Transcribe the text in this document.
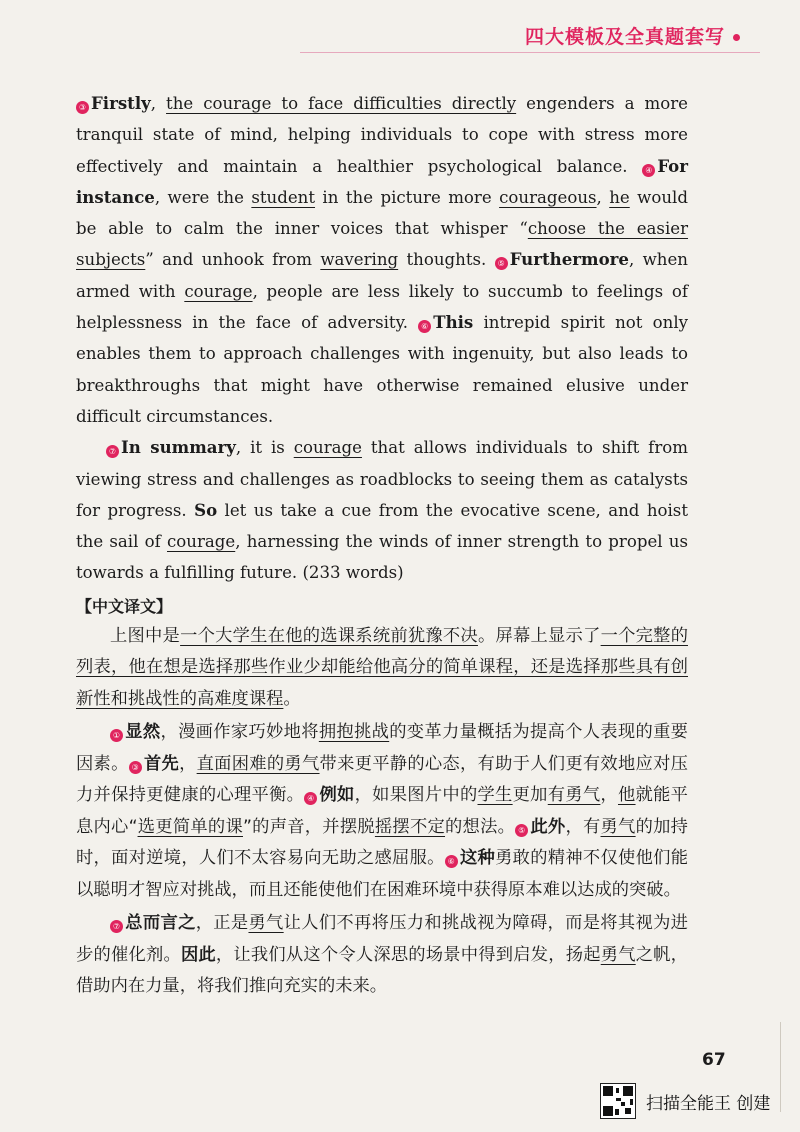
四大模板及全真题套写

③ Firstly, the courage to face difficulties directly engenders a more tranquil state of mind, helping individuals to cope with stress more effectively and maintain a healthier psychological balance. ④ For instance, were the student in the picture more courageous, he would be able to calm the inner voices that whisper “choose the easier subjects” and unhook from wavering thoughts. ⑤ Furthermore, when armed with courage, people are less likely to succumb to feelings of helplessness in the face of adversity. ⑥ This intrepid spirit not only enables them to approach challenges with ingenuity, but also leads to breakthroughs that might have otherwise remained elusive under difficult circumstances.

⑦ In summary, it is courage that allows individuals to shift from viewing stress and challenges as roadblocks to seeing them as catalysts for progress. So let us take a cue from the evocative scene, and hoist the sail of courage, harnessing the winds of inner strength to propel us towards a fulfilling future. (233 words)

【中文译文】

上图中是一个大学生在他的选课系统前犹豫不决。屏幕上显示了一个完整的列表，他在想是选择那些作业少却能给他高分的简单课程，还是选择那些具有创新性和挑战性的高难度课程。

① 显然，漫画作家巧妙地将拥抱挑战的变革力量概括为提高个人表现的重要因素。 ③ 首先，直面困难的勇气带来更平静的心态，有助于人们更有效地应对压力并保持更健康的心理平衡。 ④ 例如，如果图片中的学生更加有勇气，他就能平息内心“选更简单的课”的声音，并摆脱摇摆不定的想法。 ⑤ 此外，有勇气的加持时，面对逆境，人们不太容易向无助之感屈服。 ⑥ 这种勇敢的精神不仅使他们能以聪明才智应对挑战，而且还能使他们在困难环境中获得原本难以达成的突破。

⑦ 总而言之，正是勇气让人们不再将压力和挑战视为障碍，而是将其视为进步的催化剂。因此，让我们从这个令人深思的场景中得到启发，扬起勇气之帆，借助内在力量，将我们推向充实的未来。

67
扫描全能王 创建
